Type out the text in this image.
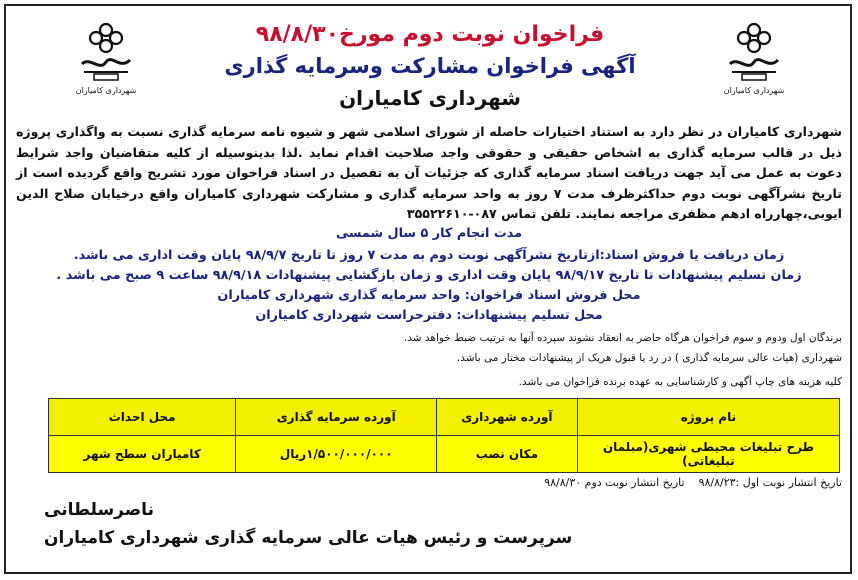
شهرداری کامیاران	شهرداری کامیاران
فراخوان نوبت دوم مورخ۹۸/۸/۳۰
آگهی فراخوان مشارکت وسرمایه گذاری
شهرداری کامیاران
شهرداری کامیاران در نظر دارد به استناد اختیارات حاصله از شورای اسلامی شهر و شیوه نامه سرمایه گذاری نسبت به واگذاری پروژه ذیل در قالب سرمایه گذاری به اشخاص حقیقی و حقوقی واجد صلاحیت اقدام نماید .لذا بدینوسیله از کلیه متقاضیان واجد شرایط دعوت به عمل می آید جهت دریافت اسناد سرمایه گذاری که جزئیات آن به تفصیل در اسناد فراخوان مورد تشریح واقع گردیده است از تاریخ نشرآگهی نوبت دوم حداکثرظرف مدت ۷ روز به واحد سرمایه گذاری و مشارکت شهرداری کامیاران واقع درخیابان صلاح الدین ایوبی،چهارراه ادهم مظفری مراجعه نمایند. تلفن تماس ۰۸۷-۳۵۵۲۲۶۱۰
مدت انجام کار ۵ سال شمسی
زمان دریافت یا فروش اسناد:ازتاریخ نشرآگهی نوبت دوم به مدت ۷ روز تا تاریخ ۹۸/۹/۷ پایان وقت اداری می باشد.
زمان تسلیم پیشنهادات تا تاریخ ۹۸/۹/۱۷ پایان وقت اداری و زمان بازگشایی پیشنهادات ۹۸/۹/۱۸ ساعت ۹ صبح می باشد .
محل فروش اسناد فراخوان: واحد سرمایه گذاری شهرداری کامیاران
محل تسلیم پیشنهادات: دفترحراست شهرداری کامیاران
برندگان اول ودوم و سوم فراخوان هرگاه حاضر به انعقاد نشوند سپرده آنها به ترتیب ضبط خواهد شد.
شهرداری (هیات عالی سرمایه گذاری ) در رد یا قبول هریک از پیشنهادات مختار می باشد.
کلیه هزینه های چاپ آگهی و کارشناسایی به عهده برنده فراخوان می باشد.
نام پروژه	آورده شهرداری	آورده سرمایه گذاری	محل احداث
طرح تبلیغات محیطی شهری(مبلمان تبلیغاتی)	مکان نصب	۱/۵۰۰/۰۰۰/۰۰۰ریال	کامیاران سطح شهر
تاریخ انتشار نوبت اول :۹۸/۸/۲۳    تاریخ انتشار نوبت دوم ۹۸/۸/۳۰
ناصرسلطانی
سرپرست و رئیس هیات عالی سرمایه گذاری شهرداری کامیاران
